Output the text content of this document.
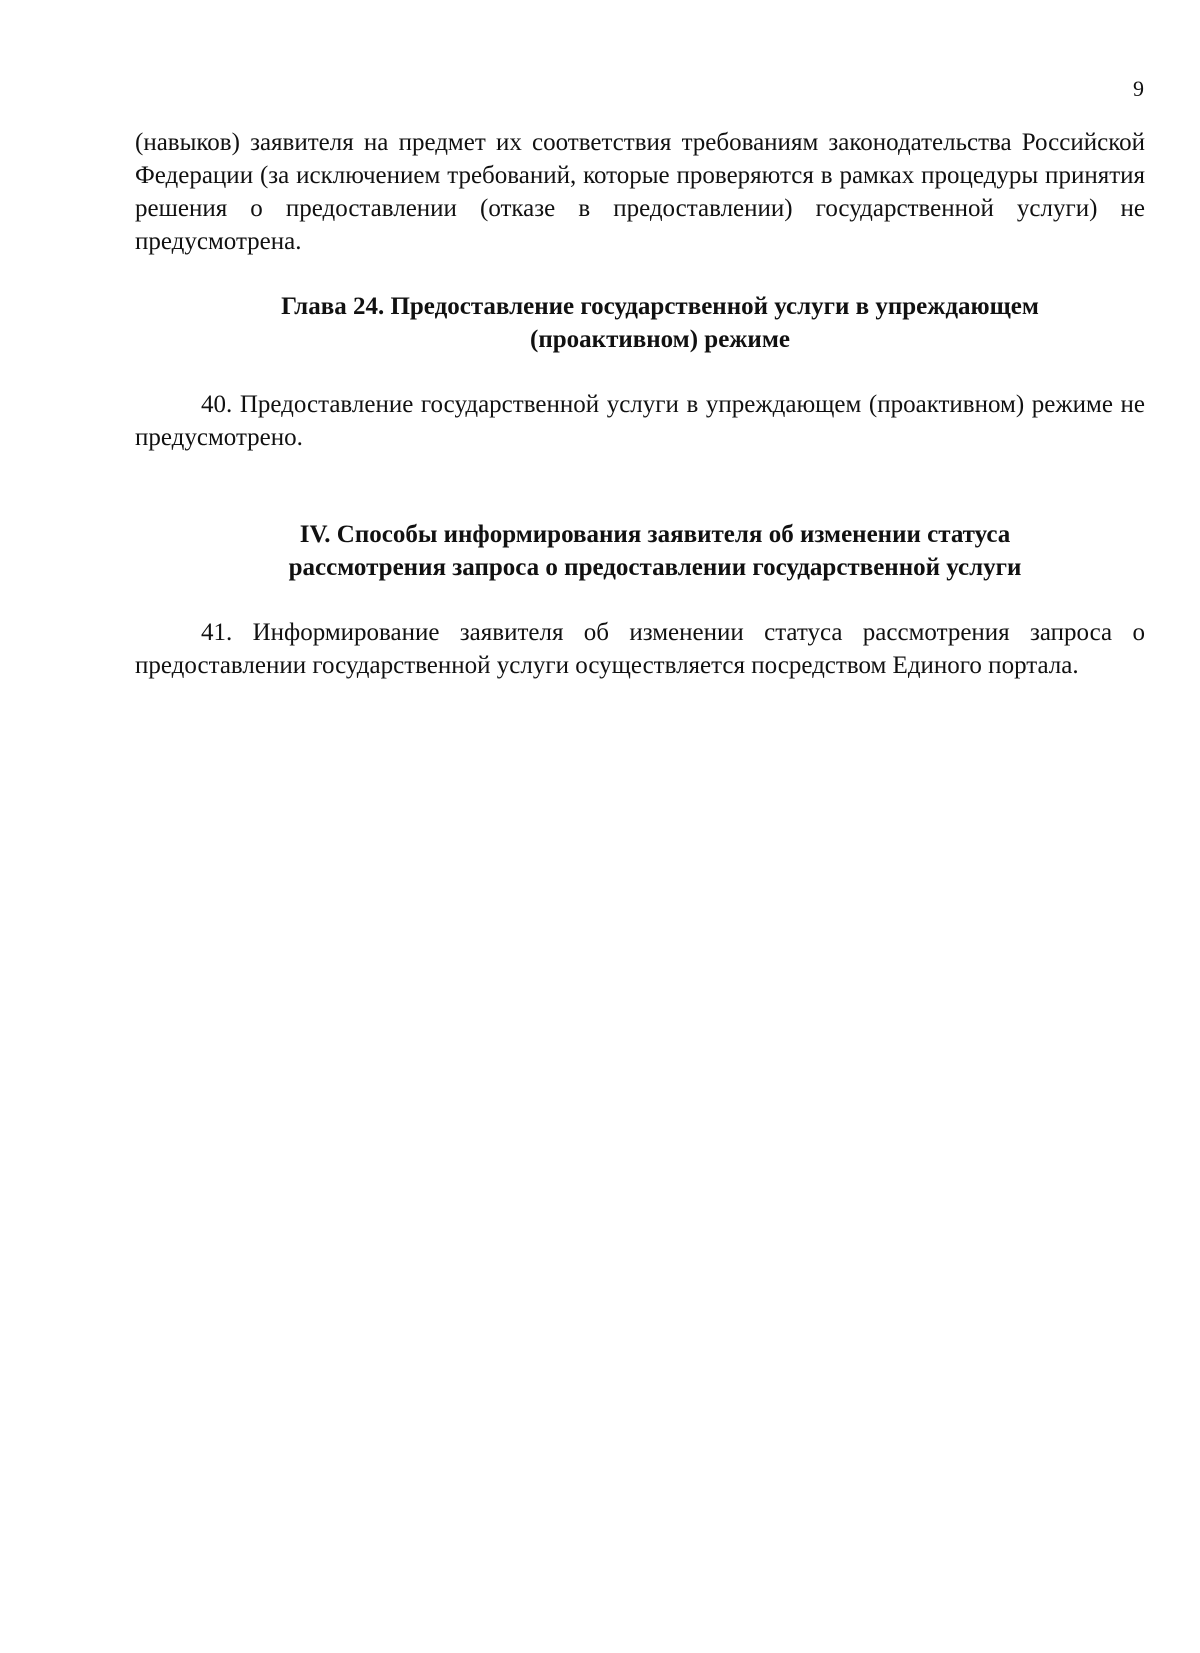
9

(навыков) заявителя на предмет их соответствия требованиям законодательства Российской Федерации (за исключением требований, которые проверяются в рамках процедуры принятия решения о предоставлении (отказе в предоставлении) государственной услуги) не предусмотрена.

Глава 24. Предоставление государственной услуги в упреждающем
(проактивном) режиме

40. Предоставление государственной услуги в упреждающем (проактивном) режиме не предусмотрено.

IV. Способы информирования заявителя об изменении статуса
рассмотрения запроса о предоставлении государственной услуги

41. Информирование заявителя об изменении статуса рассмотрения запроса о предоставлении государственной услуги осуществляется посредством Единого портала.
